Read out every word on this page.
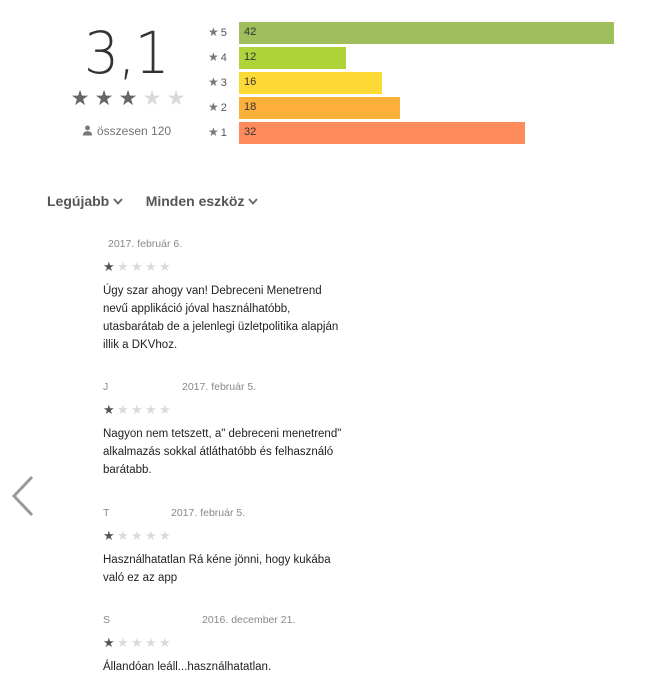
3,1
★ ★ ★ ★ ★
összesen 120
★ 5	42
★ 4	12
★ 3	16
★ 2	18
★ 1	32
Legújabb	Minden eszköz
2017. február 6.
★ ★ ★ ★ ★
Úgy szar ahogy van! Debreceni Menetrend nevű applikáció jóval használhatóbb, utasbarátab de a jelenlegi üzletpolitika alapján illik a DKVhoz.
J	2017. február 5.
★ ★ ★ ★ ★
Nagyon nem tetszett, a" debreceni menetrend" alkalmazás sokkal átláthatóbb és felhasználó barátabb.
T	2017. február 5.
★ ★ ★ ★ ★
Használhatatlan Rá kéne jönni, hogy kukába való ez az app
S	2016. december 21.
★ ★ ★ ★ ★
Állandóan leáll...használhatatlan.
